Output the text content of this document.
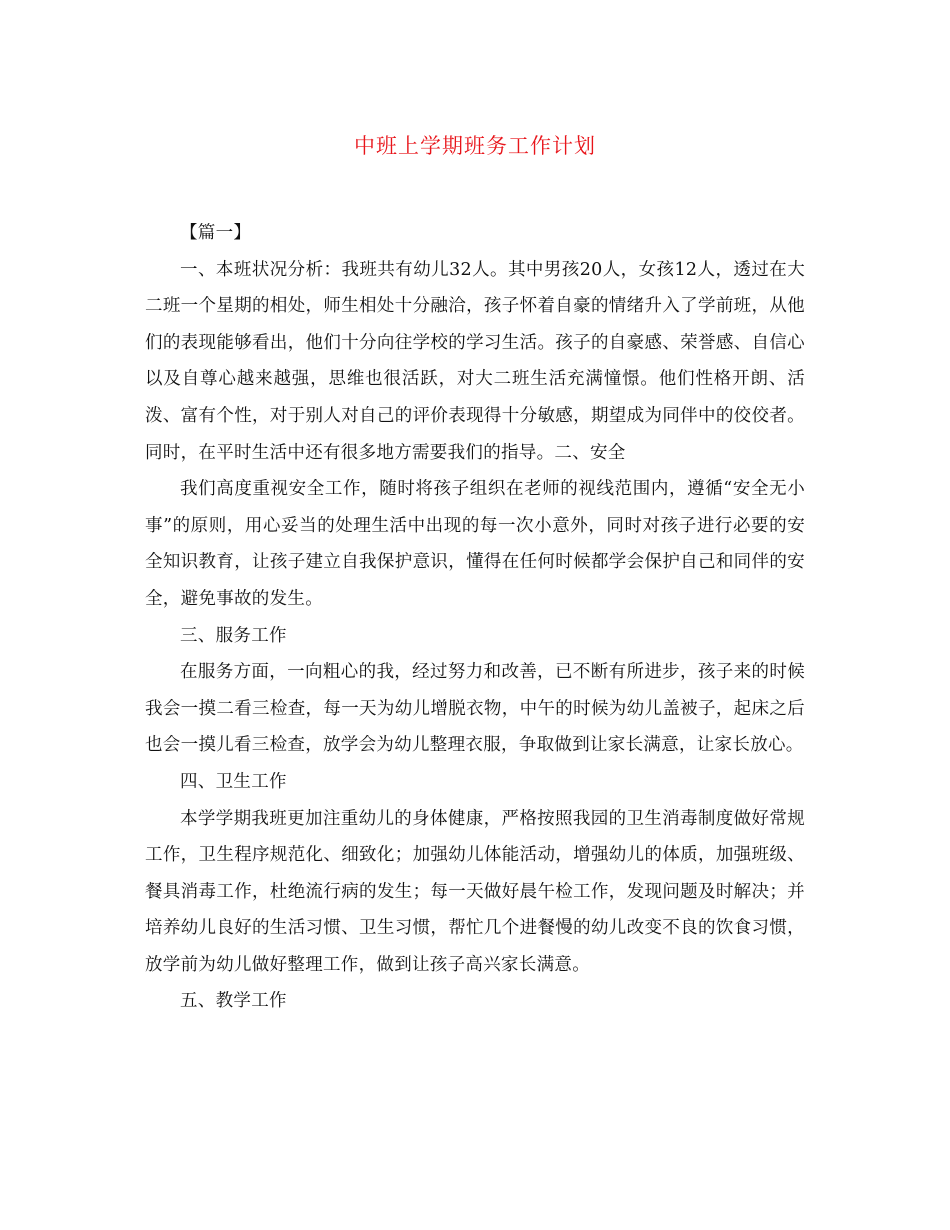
中班上学期班务工作计划

【篇一】

一、本班状况分析：我班共有幼儿32人。其中男孩20人，女孩12人，透过在大二班一个星期的相处，师生相处十分融洽，孩子怀着自豪的情绪升入了学前班，从他们的表现能够看出，他们十分向往学校的学习生活。孩子的自豪感、荣誉感、自信心以及自尊心越来越强，思维也很活跃，对大二班生活充满憧憬。他们性格开朗、活泼、富有个性，对于别人对自己的评价表现得十分敏感，期望成为同伴中的佼佼者。同时，在平时生活中还有很多地方需要我们的指导。二、安全

我们高度重视安全工作，随时将孩子组织在老师的视线范围内，遵循“安全无小事”的原则，用心妥当的处理生活中出现的每一次小意外，同时对孩子进行必要的安全知识教育，让孩子建立自我保护意识，懂得在任何时候都学会保护自己和同伴的安全，避免事故的发生。

三、服务工作

在服务方面，一向粗心的我，经过努力和改善，已不断有所进步，孩子来的时候我会一摸二看三检查，每一天为幼儿增脱衣物，中午的时候为幼儿盖被子，起床之后也会一摸儿看三检查，放学会为幼儿整理衣服，争取做到让家长满意，让家长放心。

四、卫生工作

本学学期我班更加注重幼儿的身体健康，严格按照我园的卫生消毒制度做好常规工作，卫生程序规范化、细致化；加强幼儿体能活动，增强幼儿的体质，加强班级、餐具消毒工作，杜绝流行病的发生；每一天做好晨午检工作，发现问题及时解决；并培养幼儿良好的生活习惯、卫生习惯，帮忙几个进餐慢的幼儿改变不良的饮食习惯，放学前为幼儿做好整理工作，做到让孩子高兴家长满意。

五、教学工作
